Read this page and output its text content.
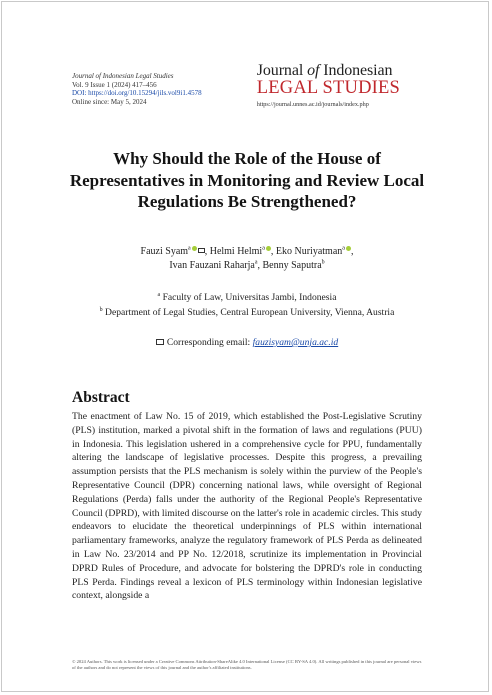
Journal of Indonesian Legal Studies
Vol. 9 Issue 1 (2024) 417–456
DOI: https://doi.org/10.15294/jils.vol9i1.4578
Online since: May 5, 2024
Journal of Indonesian
LEGAL STUDIES
https://journal.unnes.ac.id/journals/index.php
Why Should the Role of the House of Representatives in Monitoring and Review Local Regulations Be Strengthened?
Fauzi Syam$^a$ , Helmi Helmi$^a$ , Eko Nuriyatman$^a$ ,
Ivan Fauzani Raharja$^a$, Benny Saputra$^b$
$^a$ Faculty of Law, Universitas Jambi, Indonesia
$^b$ Department of Legal Studies, Central European University, Vienna, Austria
Corresponding email: fauzisyam@unja.ac.id
Abstract
The enactment of Law No. 15 of 2019, which established the Post-Legislative Scrutiny (PLS) institution, marked a pivotal shift in the formation of laws and regulations (PUU) in Indonesia. This legislation ushered in a comprehensive cycle for PPU, fundamentally altering the landscape of legislative processes. Despite this progress, a prevailing assumption persists that the PLS mechanism is solely within the purview of the People's Representative Council (DPR) concerning national laws, while oversight of Regional Regulations (Perda) falls under the authority of the Regional People's Representative Council (DPRD), with limited discourse on the latter's role in academic circles. This study endeavors to elucidate the theoretical underpinnings of PLS within international parliamentary frameworks, analyze the regulatory framework of PLS Perda as delineated in Law No. 23/2014 and PP No. 12/2018, scrutinize its implementation in Provincial DPRD Rules of Procedure, and advocate for bolstering the DPRD's role in conducting PLS Perda. Findings reveal a lexicon of PLS terminology within Indonesian legislative context, alongside a
© 2024 Authors. This work is licensed under a Creative Commons Attribution-ShareAlike 4.0 International License (CC BY-SA 4.0). All writings published in this journal are personal views of the authors and do not represent the views of this journal and the author's affiliated institutions.
